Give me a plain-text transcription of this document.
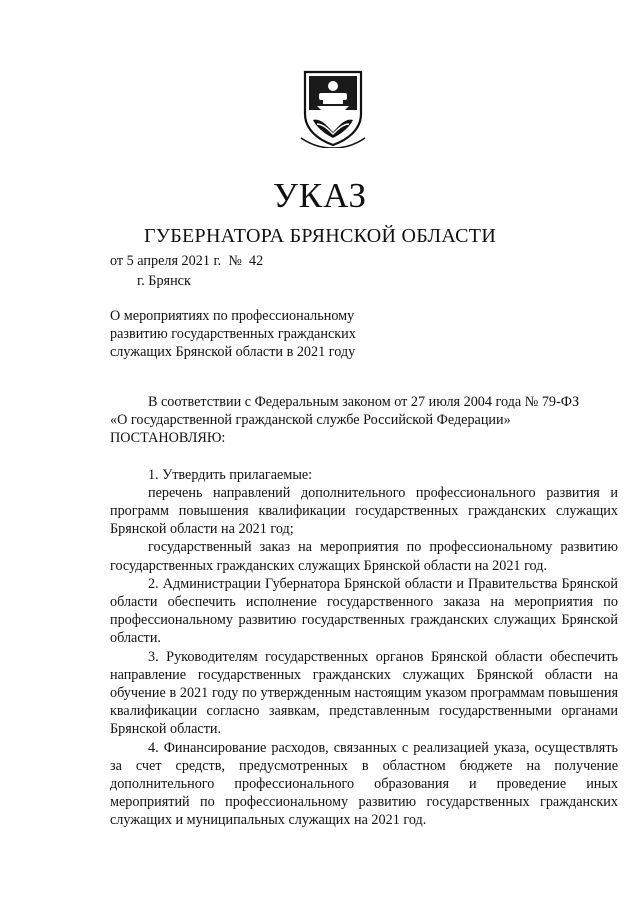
УКАЗ
ГУБЕРНАТОРА БРЯНСКОЙ ОБЛАСТИ
от 5 апреля 2021 г. № 42
г. Брянск
О мероприятиях по профессиональному
развитию государственных гражданских
служащих Брянской области в 2021 году

В соответствии с Федеральным законом от 27 июля 2004 года № 79-ФЗ

«О государственной гражданской службе Российской Федерации»
ПОСТАНОВЛЯЮ:

1. Утвердить прилагаемые:

перечень направлений дополнительного профессионального развития и программ повышения квалификации государственных гражданских служащих Брянской области на 2021 год;

государственный заказ на мероприятия по профессиональному развитию государственных гражданских служащих Брянской области на 2021 год.

2. Администрации Губернатора Брянской области и Правительства Брянской области обеспечить исполнение государственного заказа на мероприятия по профессиональному развитию государственных гражданских служащих Брянской области.

3. Руководителям государственных органов Брянской области обеспечить направление государственных гражданских служащих Брянской области на обучение в 2021 году по утвержденным настоящим указом программам повышения квалификации согласно заявкам, представленным государственными органами Брянской области.

4. Финансирование расходов, связанных с реализацией указа, осуществлять за счет средств, предусмотренных в областном бюджете на получение дополнительного профессионального образования и проведение иных мероприятий по профессиональному развитию государственных гражданских служащих и муниципальных служащих на 2021 год.
